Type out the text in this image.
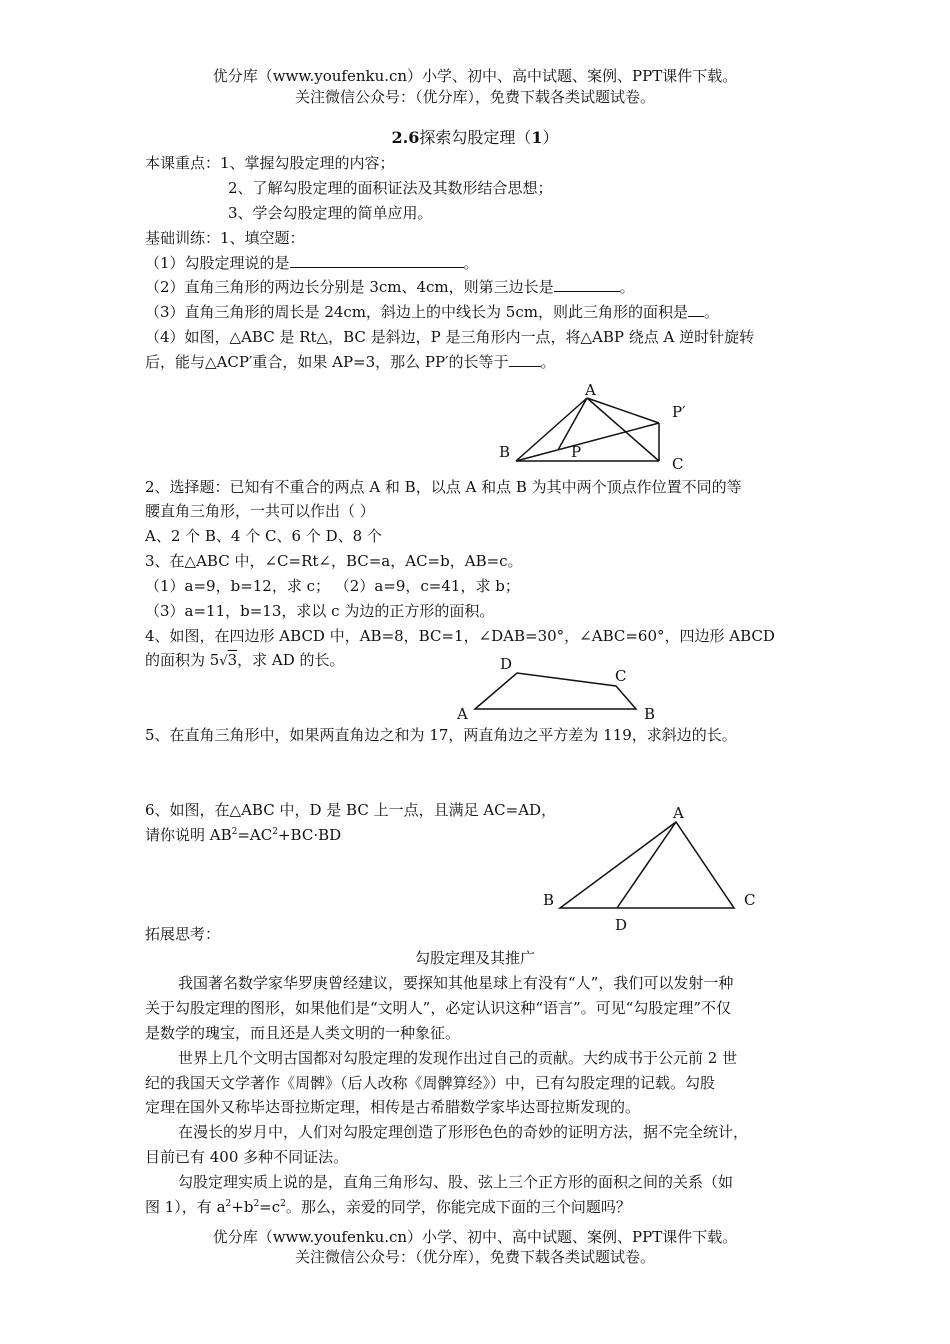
优分库（www.youfenku.cn）小学、初中、高中试题、案例、PPT课件下载。
关注微信公众号：（优分库），免费下载各类试题试卷。
2.6探索勾股定理（1）
本课重点：1、掌握勾股定理的内容；
2、了解勾股定理的面积证法及其数形结合思想；
3、学会勾股定理的简单应用。
基础训练：1、填空题：
（1）勾股定理说的是	。
（2）直角三角形的两边长分别是 3cm、4cm，则第三边长是	。
（3）直角三角形的周长是 24cm，斜边上的中线长为 5cm，则此三角形的面积是 。
（4）如图，△ABC 是 Rt△，BC 是斜边，P 是三角形内一点，将△ABP 绕点 A 逆时针旋转
后，能与△ACP′重合，如果 AP=3，那么 PP′的长等于 。
A
P′
B	P
C
2、选择题：已知有不重合的两点 A 和 B，以点 A 和点 B 为其中两个顶点作位置不同的等
腰直角三角形，一共可以作出（ ）
A、2 个 B、4 个 C、6 个 D、8 个
3、在△ABC 中，∠C=Rt∠，BC=a，AC=b，AB=c。
（1）a=9，b=12，求 c； （2）a=9，c=41，求 b；
（3）a=11，b=13，求以 c 为边的正方形的面积。
4、如图，在四边形 ABCD 中，AB=8，BC=1，∠DAB=30°，∠ABC=60°，四边形 ABCD
的面积为 5√3，求 AD 的长。	D
C
A	B
5、在直角三角形中，如果两直角边之和为 17，两直角边之平方差为 119，求斜边的长。
6、如图，在△ABC 中，D 是 BC 上一点，且满足 AC=AD，
请你说明 $AB^2=AC^2+BC\cdot BD$
A
B	C
D
拓展思考：
勾股定理及其推广
我国著名数学家华罗庚曾经建议，要探知其他星球上有没有“人”，我们可以发射一种
关于勾股定理的图形，如果他们是“文明人”，必定认识这种“语言”。可见“勾股定理”不仅
是数学的瑰宝，而且还是人类文明的一种象征。
世界上几个文明古国都对勾股定理的发现作出过自己的贡献。大约成书于公元前 2 世
纪的我国天文学著作《周髀》（后人改称《周髀算经》）中，已有勾股定理的记载。勾股
定理在国外又称毕达哥拉斯定理，相传是古希腊数学家毕达哥拉斯发现的。
在漫长的岁月中，人们对勾股定理创造了形形色色的奇妙的证明方法，据不完全统计，
目前已有 400 多种不同证法。
勾股定理实质上说的是，直角三角形勾、股、弦上三个正方形的面积之间的关系（如
图 1），有 $a^2+b^2=c^2$。那么，亲爱的同学，你能完成下面的三个问题吗？
优分库（www.youfenku.cn）小学、初中、高中试题、案例、PPT课件下载。
关注微信公众号：（优分库），免费下载各类试题试卷。
